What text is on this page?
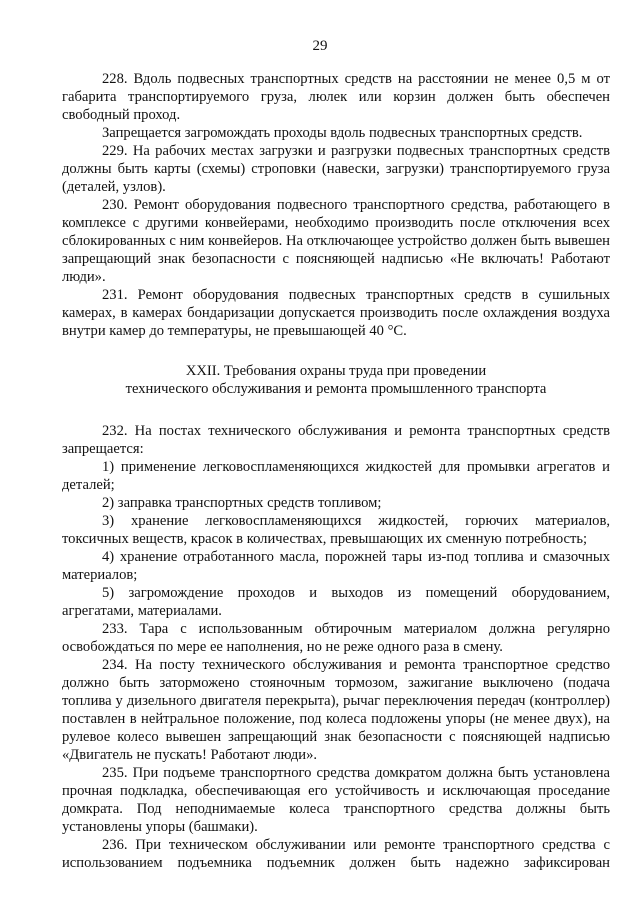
29

228. Вдоль подвесных транспортных средств на расстоянии не менее 0,5 м от габарита транспортируемого груза, люлек или корзин должен быть обеспечен свободный проход.

Запрещается загромождать проходы вдоль подвесных транспортных средств.

229. На рабочих местах загрузки и разгрузки подвесных транспортных средств должны быть карты (схемы) строповки (навески, загрузки) транспортируемого груза (деталей, узлов).

230. Ремонт оборудования подвесного транспортного средства, работающего в комплексе с другими конвейерами, необходимо производить после отключения всех сблокированных с ним конвейеров. На отключающее устройство должен быть вывешен запрещающий знак безопасности с поясняющей надписью «Не включать! Работают люди».

231. Ремонт оборудования подвесных транспортных средств в сушильных камерах, в камерах бондаризации допускается производить после охлаждения воздуха внутри камер до температуры, не превышающей 40 °С.

XXII. Требования охраны труда при проведении
технического обслуживания и ремонта промышленного транспорта

232. На постах технического обслуживания и ремонта транспортных средств запрещается:

1) применение легковоспламеняющихся жидкостей для промывки агрегатов и деталей;

2) заправка транспортных средств топливом;

3) хранение легковоспламеняющихся жидкостей, горючих материалов, токсичных веществ, красок в количествах, превышающих их сменную потребность;

4) хранение отработанного масла, порожней тары из-под топлива и смазочных материалов;

5) загромождение проходов и выходов из помещений оборудованием, агрегатами, материалами.

233. Тара с использованным обтирочным материалом должна регулярно освобождаться по мере ее наполнения, но не реже одного раза в смену.

234. На посту технического обслуживания и ремонта транспортное средство должно быть заторможено стояночным тормозом, зажигание выключено (подача топлива у дизельного двигателя перекрыта), рычаг переключения передач (контроллер) поставлен в нейтральное положение, под колеса подложены упоры (не менее двух), на рулевое колесо вывешен запрещающий знак безопасности с поясняющей надписью «Двигатель не пускать! Работают люди».

235. При подъеме транспортного средства домкратом должна быть установлена прочная подкладка, обеспечивающая его устойчивость и исключающая проседание домкрата. Под неподнимаемые колеса транспортного средства должны быть установлены упоры (башмаки).

236. При техническом обслуживании или ремонте транспортного средства с использованием подъемника подъемник должен быть надежно зафиксирован
